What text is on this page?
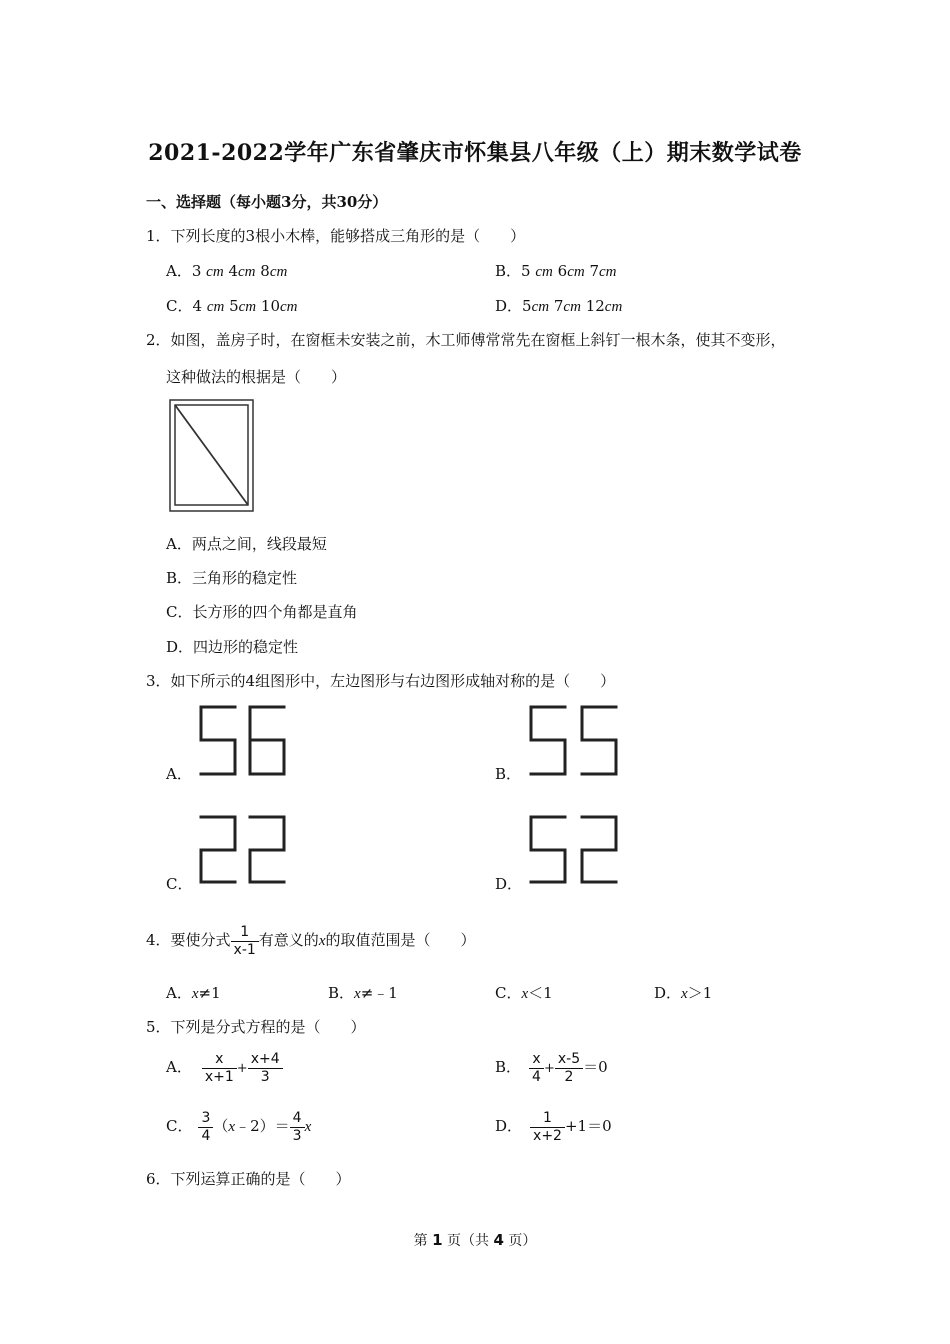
2021-2022学年广东省肇庆市怀集县八年级（上）期末数学试卷
一、选择题（每小题3分，共30分）
1．下列长度的3根小木棒，能够搭成三角形的是（　　）
A．3 cm 4cm 8cm	B．5 cm 6cm 7cm
C．4 cm 5cm 10cm	D．5cm 7cm 12cm
2．如图，盖房子时，在窗框未安装之前，木工师傅常常先在窗框上斜钉一根木条，使其不变形，
这种做法的根据是（　　）
A．两点之间，线段最短
B．三角形的稳定性
C．长方形的四个角都是直角
D．四边形的稳定性
3．如下所示的4组图形中，左边图形与右边图形成轴对称的是（　　）
A．	B．
C．	D．
4．要使分式 $\frac{1}{x-1}$ 有意义的x的取值范围是（　　）
A．x≠1	B．x≠﹣1	C．x＜1	D．x＞1
5．下列是分式方程的是（　　）
A． $\frac{x}{x+1} + \frac{x+4}{3}$	B． $\frac{x}{4} + \frac{x-5}{2} =0$
C． $\frac{3}{4}$ （x﹣2）＝ $\frac{4}{3}$ x	D． $\frac{1}{x+2} +1=0$
6．下列运算正确的是（　　）
第 1 页（共 4 页）
